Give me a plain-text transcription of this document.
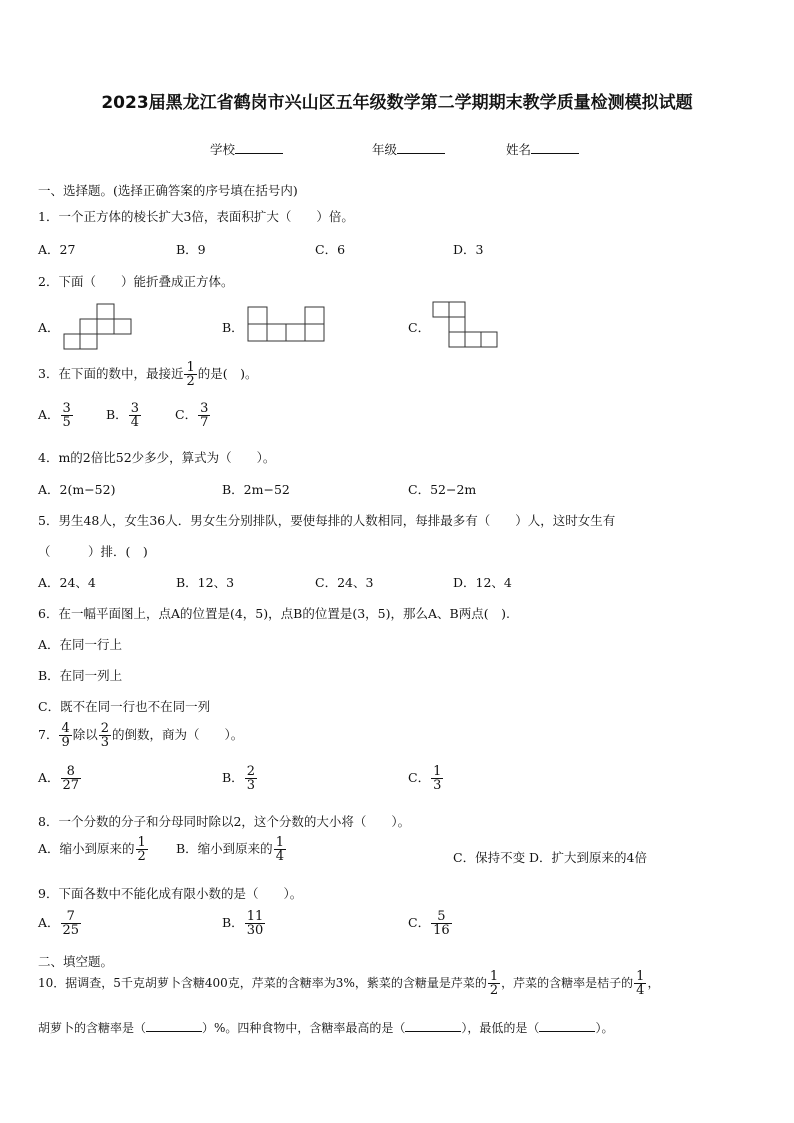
2023届黑龙江省鹤岗市兴山区五年级数学第二学期期末教学质量检测模拟试题
学校	年级	姓名
一、选择题。(选择正确答案的序号填在括号内)
1．一个正方体的棱长扩大3倍，表面积扩大（　　）倍。
A．27	B．9	C．6	D．3
2．下面（　　）能折叠成正方体。
A．	B．	C．
3．在下面的数中，最接近 $\frac{1}{2}$ 的是(　)。
A． $\frac{3}{5}$	B． $\frac{3}{4}$	C． $\frac{3}{7}$
4．m的2倍比52少多少，算式为（　　）。
A．2(m−52)	B．2m−52	C．52−2m
5．男生48人，女生36人．男女生分别排队，要使每排的人数相同，每排最多有（　　）人，这时女生有
（　　　）排．(　)
A．24、4	B．12、3	C．24、3	D．12、4
6．在一幅平面图上，点A的位置是(4，5)，点B的位置是(3，5)，那么A、B两点(　).
A．在同一行上
B．在同一列上
C．既不在同一行也不在同一列
7． $\frac{4}{9}$ 除以 $\frac{2}{3}$ 的倒数，商为（　　）。
A． $\frac{8}{27}$	B． $\frac{2}{3}$	C． $\frac{1}{3}$
8．一个分数的分子和分母同时除以2，这个分数的大小将（　　）。
A．缩小到原来的 $\frac{1}{2}$ B．缩小到原来的 $\frac{1}{4}$	C．保持不变 D．扩大到原来的4倍
9．下面各数中不能化成有限小数的是（　　）。
A． $\frac{7}{25}$	B． $\frac{11}{30}$	C． $\frac{5}{16}$
二、填空题。
10．据调查，5千克胡萝卜含糖400克，芹菜的含糖率为3%，紫菜的含糖量是芹菜的 $\frac{1}{2}$ ，芹菜的含糖率是桔子的 $\frac{1}{4}$ ，
胡萝卜的含糖率是（	）%。四种食物中，含糖率最高的是（	），最低的是（	）。
